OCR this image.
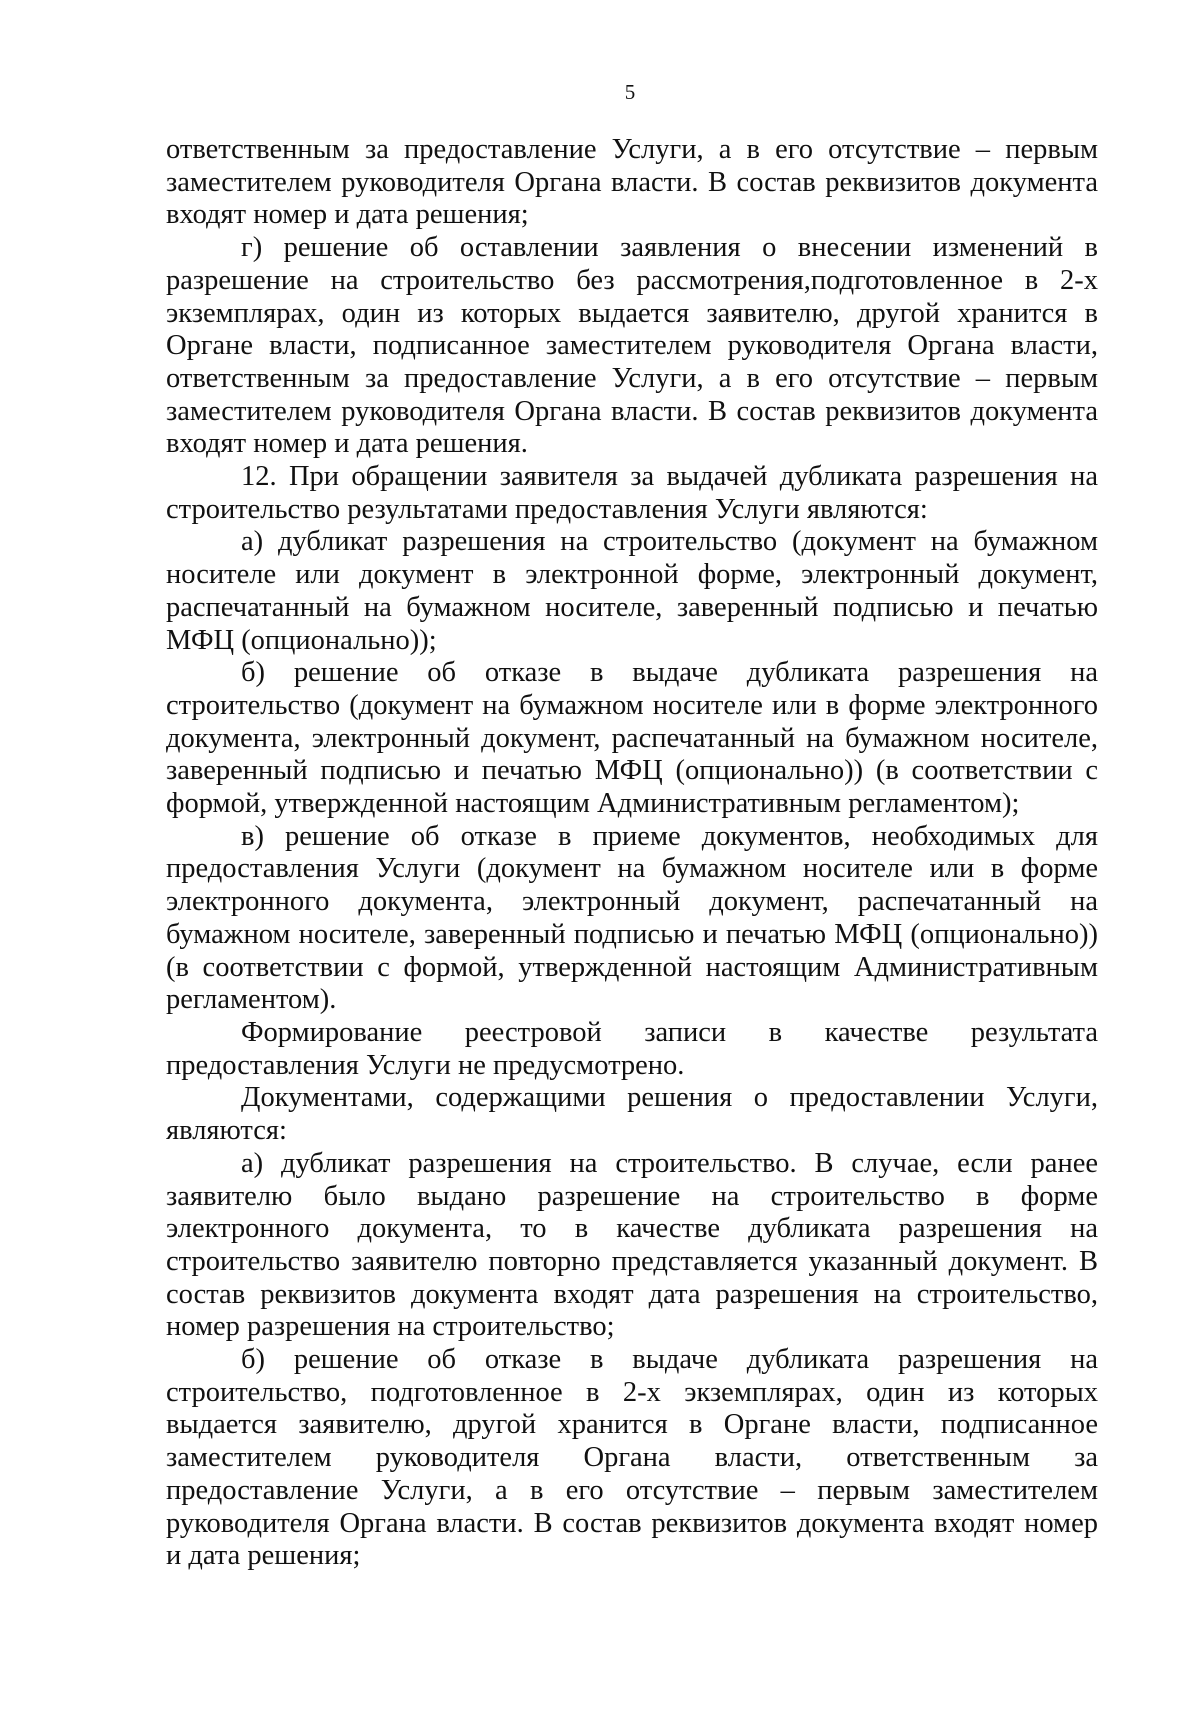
5

ответственным за предоставление Услуги, а в его отсутствие – первым заместителем руководителя Органа власти. В состав реквизитов документа входят номер и дата решения;

г) решение об оставлении заявления о внесении изменений в разрешение на строительство без рассмотрения,подготовленное в 2-х экземплярах, один из которых выдается заявителю, другой хранится в Органе власти, подписанное заместителем руководителя Органа власти, ответственным за предоставление Услуги, а в его отсутствие – первым заместителем руководителя Органа власти. В состав реквизитов документа входят номер и дата решения.

12. При обращении заявителя за выдачей дубликата разрешения на строительство результатами предоставления Услуги являются:

а) дубликат разрешения на строительство (документ на бумажном носителе или документ в электронной форме, электронный документ, распечатанный на бумажном носителе, заверенный подписью и печатью МФЦ (опционально));

б) решение об отказе в выдаче дубликата разрешения на строительство (документ на бумажном носителе или в форме электронного документа, электронный документ, распечатанный на бумажном носителе, заверенный подписью и печатью МФЦ (опционально)) (в соответствии с формой, утвержденной настоящим Административным регламентом);

в) решение об отказе в приеме документов, необходимых для предоставления Услуги (документ на бумажном носителе или в форме электронного документа, электронный документ, распечатанный на бумажном носителе, заверенный подписью и печатью МФЦ (опционально)) (в соответствии с формой, утвержденной настоящим Административным регламентом).

Формирование реестровой записи в качестве результата предоставления Услуги не предусмотрено.

Документами, содержащими решения о предоставлении Услуги, являются:

а) дубликат разрешения на строительство. В случае, если ранее заявителю было выдано разрешение на строительство в форме электронного документа, то в качестве дубликата разрешения на строительство заявителю повторно представляется указанный документ. В состав реквизитов документа входят дата разрешения на строительство, номер разрешения на строительство;

б) решение об отказе в выдаче дубликата разрешения на строительство, подготовленное в 2-х экземплярах, один из которых выдается заявителю, другой хранится в Органе власти, подписанное заместителем руководителя Органа власти, ответственным за предоставление Услуги, а в его отсутствие – первым заместителем руководителя Органа власти. В состав реквизитов документа входят номер и дата решения;
